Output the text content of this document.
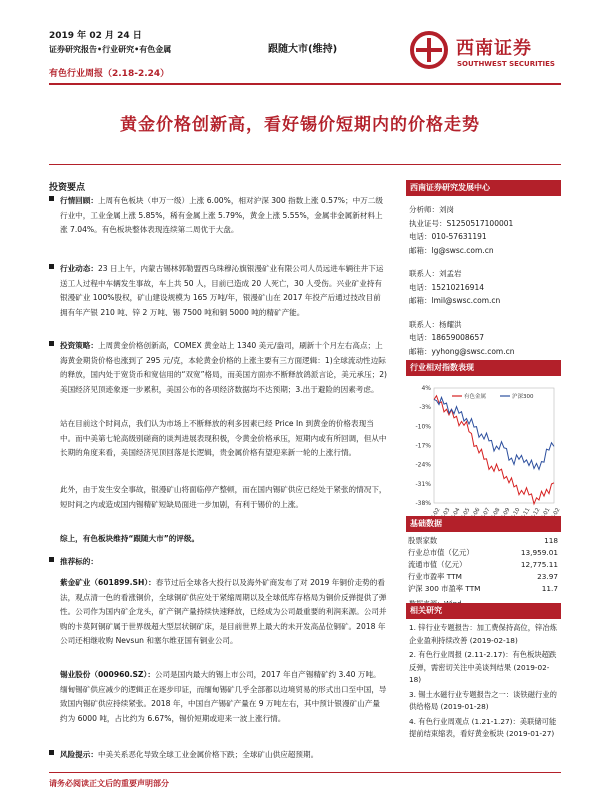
2019 年 02 月 24 日
证券研究报告•行业研究•有色金属
有色行业周报（2.18-2.24）
跟随大市(维持)	西南证券
SOUTHWEST SECURITIES
黄金价格创新高，看好锡价短期内的价格走势
投资要点
行情回顾：上周有色板块（申万一级）上涨 6.00%，相对沪深 300 指数上涨 0.57%；中万二级行业中，工业金属上涨 5.85%，稀有金属上涨 5.79%，黄金上涨 5.55%，金属非金属新材料上涨 7.04%。有色板块整体表现连续第二周优于大盘。
行业动态：23 日上午，内蒙古锡林郭勒盟西乌珠穆沁旗银漫矿业有限公司人员远进车辆往井下运送工人过程中车辆发生事故，车上共 50 人，目前已造成 20 人死亡，30 人受伤。兴业矿业持有银漫矿业 100%股权，矿山建设规模为 165 万吨/年，银漫矿山在 2017 年投产后通过技改目前拥有年产银 210 吨、锌 2 万吨、锡 7500 吨和铜 5000 吨的精矿产能。
投资策略：上周黄金价格创新高，COMEX 黄金站上 1340 美元/盎司，刷新十个月左右高点；上海黄金期货价格也涨到了 295 元/克，本轮黄金价格的上涨主要有三方面逻辑：1)全球流动性边际的释放，国内处于宽货币和宽信用的“双宽”格局，而美国方面亦不断释放鸽派言论，美元承压；2)美国经济见顶迹象逐一步累积，美国公布的各项经济数据均不达预期；3.出于避险的因素考虑。
站在目前这个时间点，我们认为市场上不断释放的利多因素已经 Price In 到黄金的价格表现当中。而中美第七轮高级别磋商的谈判进展表现积极，令黄金价格承压，短期内或有所回调，但从中长期的角度来看，美国经济见顶回落是长逻辑，贵金属价格有望迎来新一轮的上涨行情。
此外，由于发生安全事故，银漫矿山将面临停产整顿，而在国内锡矿供应已经处于紧张的情况下，短时间之内或造成国内锡精矿短缺局面进一步加剧，有利于锡价的上涨。
综上，有色板块维持“跟随大市”的评级。
推荐标的：
紫金矿业（601899.SH）：春节过后全球各大投行以及海外矿商发布了对 2019 年铜价走势的看法，观点清一色的看涨铜价，全球铜矿供应处于紧缩周期以及全球低库存格局为铜价反弹提供了弹性。公司作为国内矿企龙头，矿产铜产量持续快速释放，已经成为公司最重要的利润来源。公司并购的卡莫阿铜矿属于世界级超大型层状铜矿床，是目前世界上最大的未开发高品位铜矿。2018 年公司还相继收购 Nevsun 和塞尔维亚国有铜业公司。
锡业股份（000960.SZ）：公司是国内最大的锡上市公司，2017 年自产锡精矿约 3.40 万吨。缅甸锡矿供应减少的逻辑正在逐步印证，而缅甸锡矿几乎全部都以边境贸易的形式出口至中国，导致国内锡矿供应持续紧张。2018 年，中国自产锡矿产量在 9 万吨左右，其中预计银漫矿山产量约为 6000 吨，占比约为 6.67%，锡价短期或迎来一波上涨行情。
风险提示：中美关系恶化导致全球工业金属价格下跌；全球矿山供应超预期。
西南证券研究发展中心
分析师：刘岗
执业证号：S1250517100001
电话：010-57631191
邮箱：lg@swsc.com.cn
联系人：刘孟岩
电话：15210216914
邮箱：lmil@swsc.com.cn
联系人：杨耀洪
电话：18659008657
邮箱：yyhong@swsc.com.cn
行业相对指数表现
4%
-3%
-10%
-17%
-24%
-31%
-38%
有色金属	沪深300
基础数据
股票家数	118
行业总市值（亿元）	13,959.01
流通市值（亿元）	12,775.11
行业市盈率 TTM	23.97
沪深 300 市盈率 TTM	11.7
相关研究
1. 锌行业专题报告：加工费保持高位，锌冶炼企业盈利持续改善 (2019-02-18)
2. 有色行业周报 (2.11-2.17)：有色板块超跌反弹，需密切关注中美谈判结果 (2019-02-18)
3. 锡土水磁行业专题报告之一：谈铁磁行业的供给格局 (2019-01-28)
4. 有色行业周观点 (1.21-1.27)：美联储可能提前结束缩表，看好黄金板块 (2019-01-27)
请务必阅读正文后的重要声明部分
